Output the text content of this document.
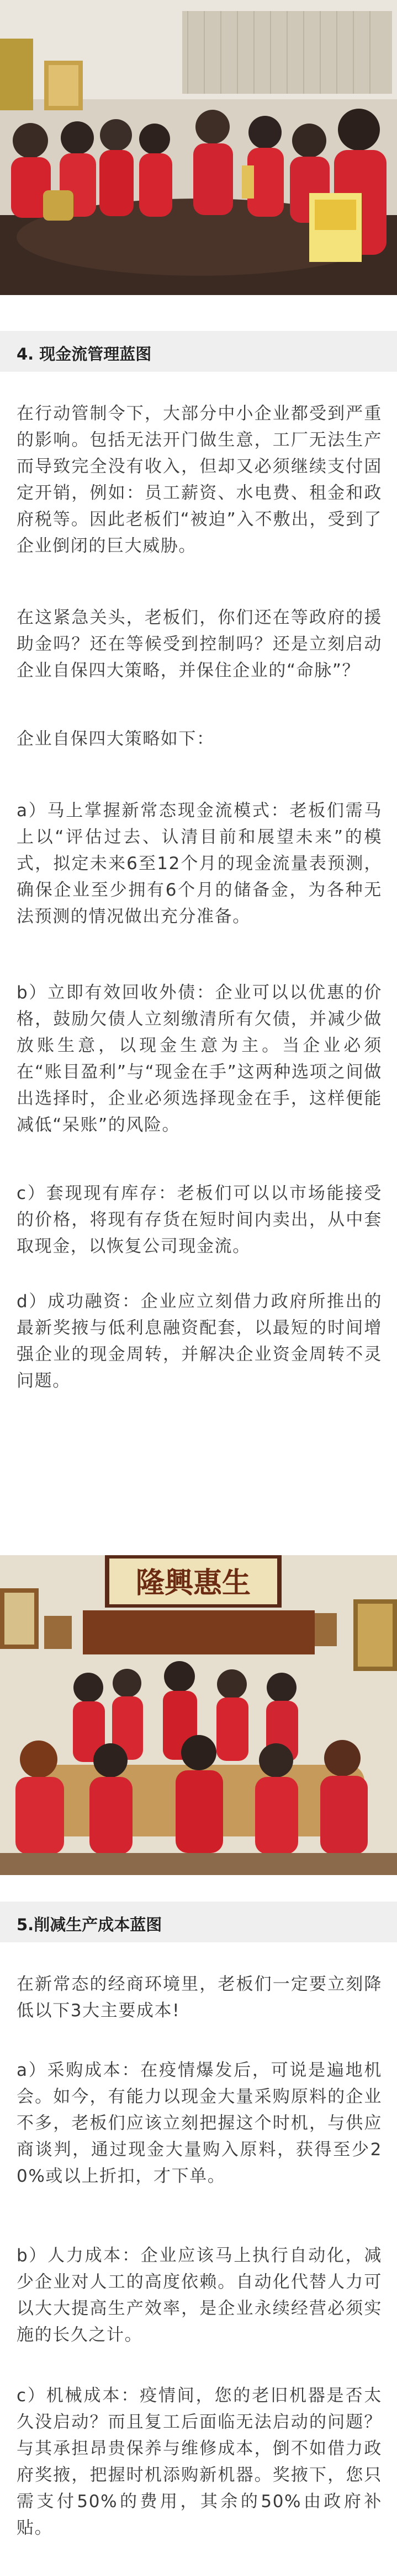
4. 现金流管理蓝图

在行动管制令下，大部分中小企业都受到严重的影响。包括无法开门做生意，工厂无法生产而导致完全没有收入，但却又必须继续支付固定开销，例如：员工薪资、水电费、租金和政府税等。因此老板们“被迫”入不敷出，受到了企业倒闭的巨大威胁。

在这紧急关头，老板们，你们还在等政府的援助金吗？还在等候受到控制吗？还是立刻启动企业自保四大策略，并保住企业的“命脉”？

企业自保四大策略如下：

a）马上掌握新常态现金流模式：老板们需马上以“评估过去、认清目前和展望未来”的模式，拟定未来6至12个月的现金流量表预测，确保企业至少拥有6个月的储备金，为各种无法预测的情况做出充分准备。

b）立即有效回收外债：企业可以以优惠的价格，鼓励欠债人立刻缴清所有欠债，并减少做放账生意，以现金生意为主。当企业必须在“账目盈利”与“现金在手”这两种选项之间做出选择时，企业必须选择现金在手，这样便能减低“呆账”的风险。

c）套现现有库存：老板们可以以市场能接受的价格，将现有存货在短时间内卖出，从中套取现金，以恢复公司现金流。

d）成功融资：企业应立刻借力政府所推出的最新奖掖与低利息融资配套，以最短的时间增强企业的现金周转，并解决企业资金周转不灵问题。

隆興惠生
5.削减生产成本蓝图

在新常态的经商环境里，老板们一定要立刻降低以下3大主要成本!

a）采购成本：在疫情爆发后，可说是遍地机会。如今，有能力以现金大量采购原料的企业不多，老板们应该立刻把握这个时机，与供应商谈判，通过现金大量购入原料，获得至少20%或以上折扣，才下单。

b）人力成本：企业应该马上执行自动化，减少企业对人工的高度依赖。自动化代替人力可以大大提高生产效率，是企业永续经营必须实施的长久之计。

c）机械成本：疫情间，您的老旧机器是否太久没启动？而且复工后面临无法启动的问题？与其承担昂贵保养与维修成本，倒不如借力政府奖掖，把握时机添购新机器。奖掖下，您只需支付50%的费用，其余的50%由政府补贴。
